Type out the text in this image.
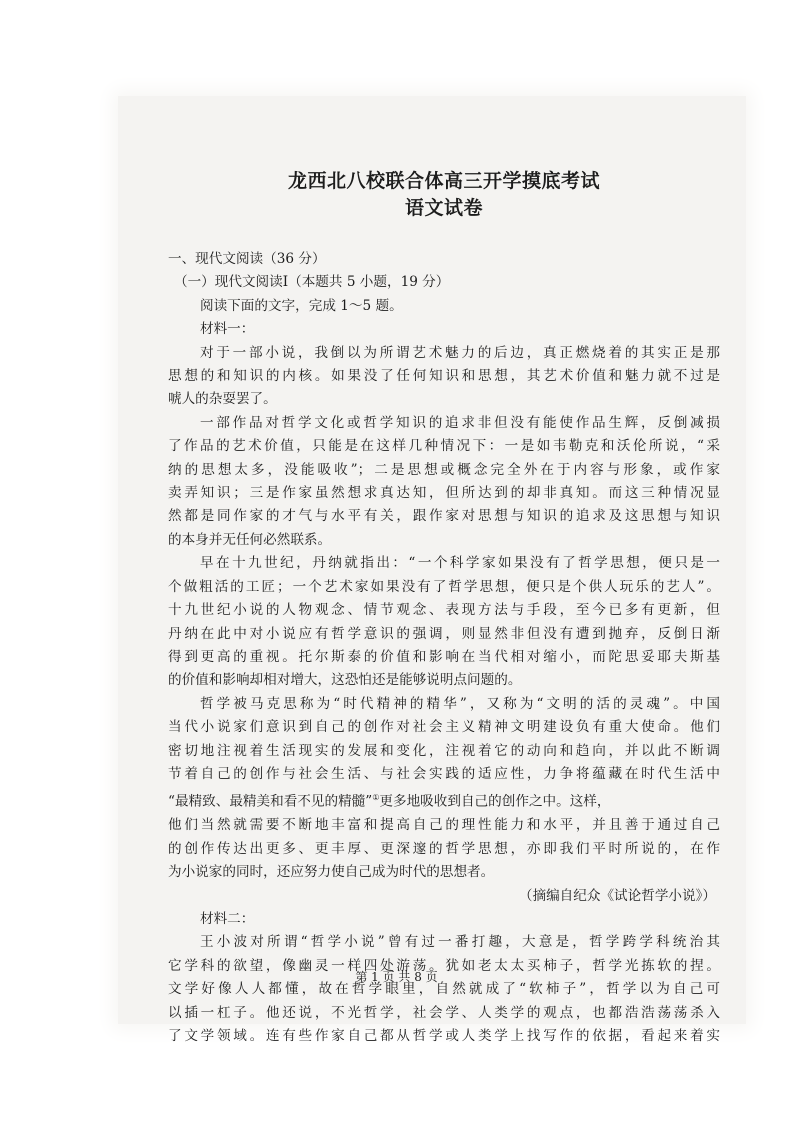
龙西北八校联合体高三开学摸底考试

语文试卷

一、现代文阅读（36 分）

（一）现代文阅读Ⅰ（本题共 5 小题，19 分）

阅读下面的文字，完成 1～5 题。

材料一：

对于一部小说，我倒以为所谓艺术魅力的后边，真正燃烧着的其实正是那

思想的和知识的内核。如果没了任何知识和思想，其艺术价值和魅力就不过是

唬人的杂耍罢了。

一部作品对哲学文化或哲学知识的追求非但没有能使作品生辉，反倒减损

了作品的艺术价值，只能是在这样几种情况下：一是如韦勒克和沃伦所说，“采

纳的思想太多，没能吸收”；二是思想或概念完全外在于内容与形象，或作家

卖弄知识；三是作家虽然想求真达知，但所达到的却非真知。而这三种情况显

然都是同作家的才气与水平有关，跟作家对思想与知识的追求及这思想与知识

的本身并无任何必然联系。

早在十九世纪，丹纳就指出：“一个科学家如果没有了哲学思想，便只是一

个做粗活的工匠；一个艺术家如果没有了哲学思想，便只是个供人玩乐的艺人”。

十九世纪小说的人物观念、情节观念、表现方法与手段，至今已多有更新，但

丹纳在此中对小说应有哲学意识的强调，则显然非但没有遭到抛弃，反倒日渐

得到更高的重视。托尔斯泰的价值和影响在当代相对缩小，而陀思妥耶夫斯基

的价值和影响却相对增大，这恐怕还是能够说明点问题的。

哲学被马克思称为“时代精神的精华”，又称为“文明的活的灵魂”。中国

当代小说家们意识到自己的创作对社会主义精神文明建设负有重大使命。他们

密切地注视着生活现实的发展和变化，注视着它的动向和趋向，并以此不断调

节着自己的创作与社会生活、与社会实践的适应性，力争将蕴藏在时代生活中

“最精致、最精美和看不见的精髓”①更多地吸收到自己的创作之中。这样，

他们当然就需要不断地丰富和提高自己的理性能力和水平，并且善于通过自己

的创作传达出更多、更丰厚、更深邃的哲学思想，亦即我们平时所说的，在作

为小说家的同时，还应努力使自己成为时代的思想者。

（摘编自纪众《试论哲学小说》）

材料二：

王小波对所谓“哲学小说”曾有过一番打趣，大意是，哲学跨学科统治其

它学科的欲望，像幽灵一样四处游荡。犹如老太太买柿子，哲学光拣软的捏。

文学好像人人都懂，故在哲学眼里，自然就成了“软柿子”，哲学以为自己可

以插一杠子。他还说，不光哲学，社会学、人类学的观点，也都浩浩荡荡杀入

了文学领域。连有些作家自己都从哲学或人类学上找写作的依据，看起来着实

第 1 页 共 8 页
